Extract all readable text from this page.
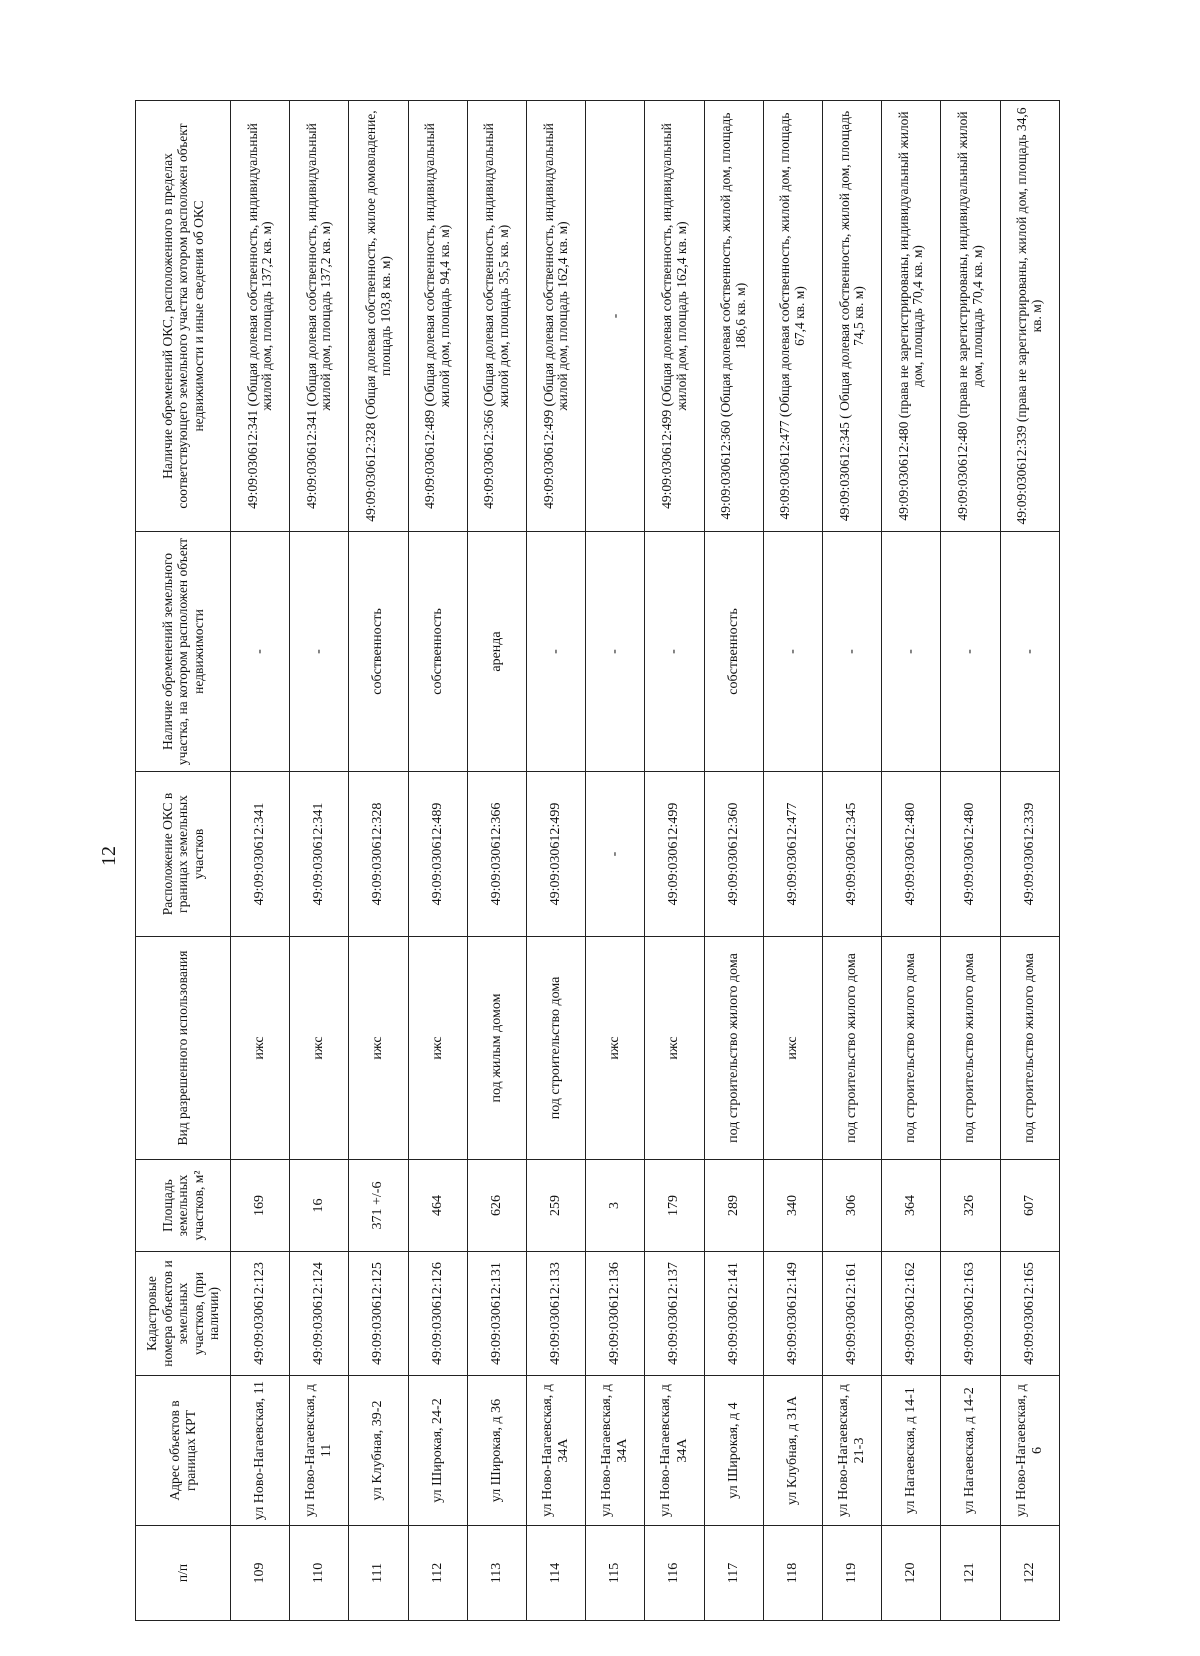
12
п/п	Адрес объектов в границах КРТ	Кадастровые номера объектов и земельных участков, (при наличии)	Площадь земельных участков, м²	Вид разрешенного использования	Расположение ОКС в границах земельных участков	Наличие обременений земельного участка, на котором расположен объект недвижимости	Наличие обременений ОКС, расположенного в пределах соответствующего земельного участка котором расположен объект недвижимости и иные сведения об ОКС
109	ул Ново-Нагаевская, 11	49:09:030612:123	169	ижс	49:09:030612:341	-	49:09:030612:341 (Общая долевая собственность, индивидуальный жилой дом, площадь 137,2 кв. м)
110	ул Ново-Нагаевская, д 11	49:09:030612:124	16	ижс	49:09:030612:341	-	49:09:030612:341 (Общая долевая собственность, индивидуальный жилой дом, площадь 137,2 кв. м)
111	ул Клубная, 39-2	49:09:030612:125	371 +/-6	ижс	49:09:030612:328	собственность	49:09:030612:328 (Общая долевая собственность, жилое домовладение, площадь 103,8 кв. м)
112	ул Широкая, 24-2	49:09:030612:126	464	ижс	49:09:030612:489	собственность	49:09:030612:489 (Общая долевая собственность, индивидуальный жилой дом, площадь 94,4 кв. м)
113	ул Широкая, д 36	49:09:030612:131	626	под жилым домом	49:09:030612:366	аренда	49:09:030612:366 (Общая долевая собственность, индивидуальный жилой дом, площадь 35,5 кв. м)
114	ул Ново-Нагаевская, д 34А	49:09:030612:133	259	под строительство дома	49:09:030612:499	-	49:09:030612:499 (Общая долевая собственность, индивидуальный жилой дом, площадь 162,4 кв. м)
115	ул Ново-Нагаевская, д 34А	49:09:030612:136	3	ижс	-	-	-
116	ул Ново-Нагаевская, д 34А	49:09:030612:137	179	ижс	49:09:030612:499	-	49:09:030612:499 (Общая долевая собственность, индивидуальный жилой дом, площадь 162,4 кв. м)
117	ул Широкая, д 4	49:09:030612:141	289	под строительство жилого дома	49:09:030612:360	собственность	49:09:030612:360 (Общая долевая собственность, жилой дом, площадь 186,6 кв. м)
118	ул Клубная, д 31А	49:09:030612:149	340	ижс	49:09:030612:477	-	49:09:030612:477 (Общая долевая собственность, жилой дом, площадь 67,4 кв. м)
119	ул Ново-Нагаевская, д 21-3	49:09:030612:161	306	под строительство жилого дома	49:09:030612:345	-	49:09:030612:345 ( Общая долевая собственность, жилой дом, площадь 74,5 кв. м)
120	ул Нагаевская, д 14-1	49:09:030612:162	364	под строительство жилого дома	49:09:030612:480	-	49:09:030612:480 (права не зарегистрированы, индивидуальный жилой дом, площадь 70,4 кв. м)
121	ул Нагаевская, д 14-2	49:09:030612:163	326	под строительство жилого дома	49:09:030612:480	-	49:09:030612:480 (права не зарегистрированы, индивидуальный жилой дом, площадь 70,4 кв. м)
122	ул Ново-Нагаевская, д 6	49:09:030612:165	607	под строительство жилого дома	49:09:030612:339	-	49:09:030612:339 (права не зарегистрированы, жилой дом, площадь 34,6 кв. м)
